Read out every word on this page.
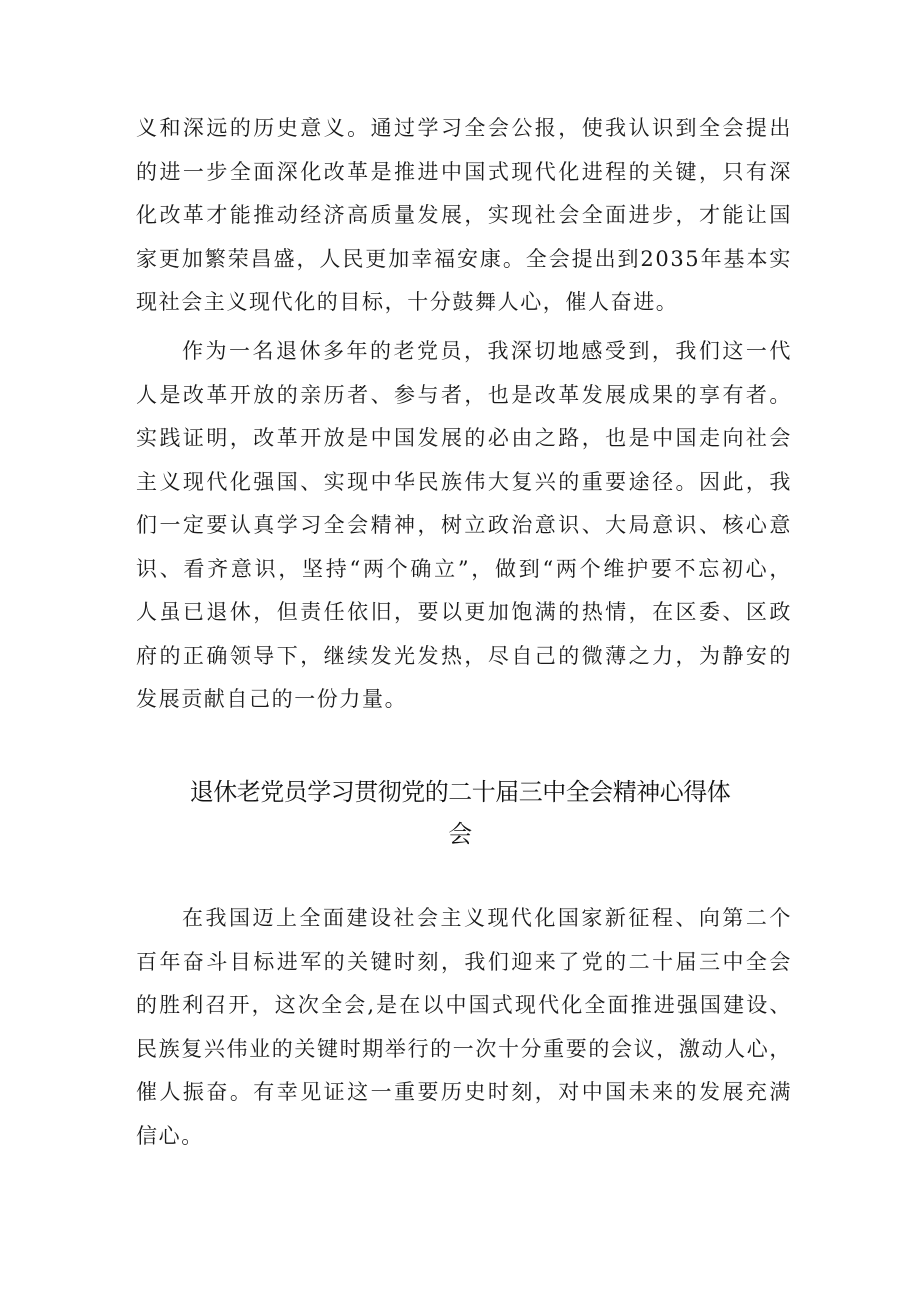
义和深远的历史意义。通过学习全会公报，使我认识到全会提出
的进一步全面深化改革是推进中国式现代化进程的关键，只有深
化改革才能推动经济高质量发展，实现社会全面进步，才能让国
家更加繁荣昌盛，人民更加幸福安康。全会提出到2035年基本实
现社会主义现代化的目标，十分鼓舞人心，催人奋进。
作为一名退休多年的老党员，我深切地感受到，我们这一代
人是改革开放的亲历者、参与者，也是改革发展成果的享有者。
实践证明，改革开放是中国发展的必由之路，也是中国走向社会
主义现代化强国、实现中华民族伟大复兴的重要途径。因此，我
们一定要认真学习全会精神，树立政治意识、大局意识、核心意
识、看齐意识，坚持“两个确立”，做到“两个维护要不忘初心，
人虽已退休，但责任依旧，要以更加饱满的热情，在区委、区政
府的正确领导下，继续发光发热，尽自己的微薄之力，为静安的
发展贡献自己的一份力量。
退休老党员学习贯彻党的二十届三中全会精神心得体
会
在我国迈上全面建设社会主义现代化国家新征程、向第二个
百年奋斗目标进军的关键时刻，我们迎来了党的二十届三中全会
的胜利召开，这次全会,是在以中国式现代化全面推进强国建设、
民族复兴伟业的关键时期举行的一次十分重要的会议，激动人心，
催人振奋。有幸见证这一重要历史时刻，对中国未来的发展充满
信心。
